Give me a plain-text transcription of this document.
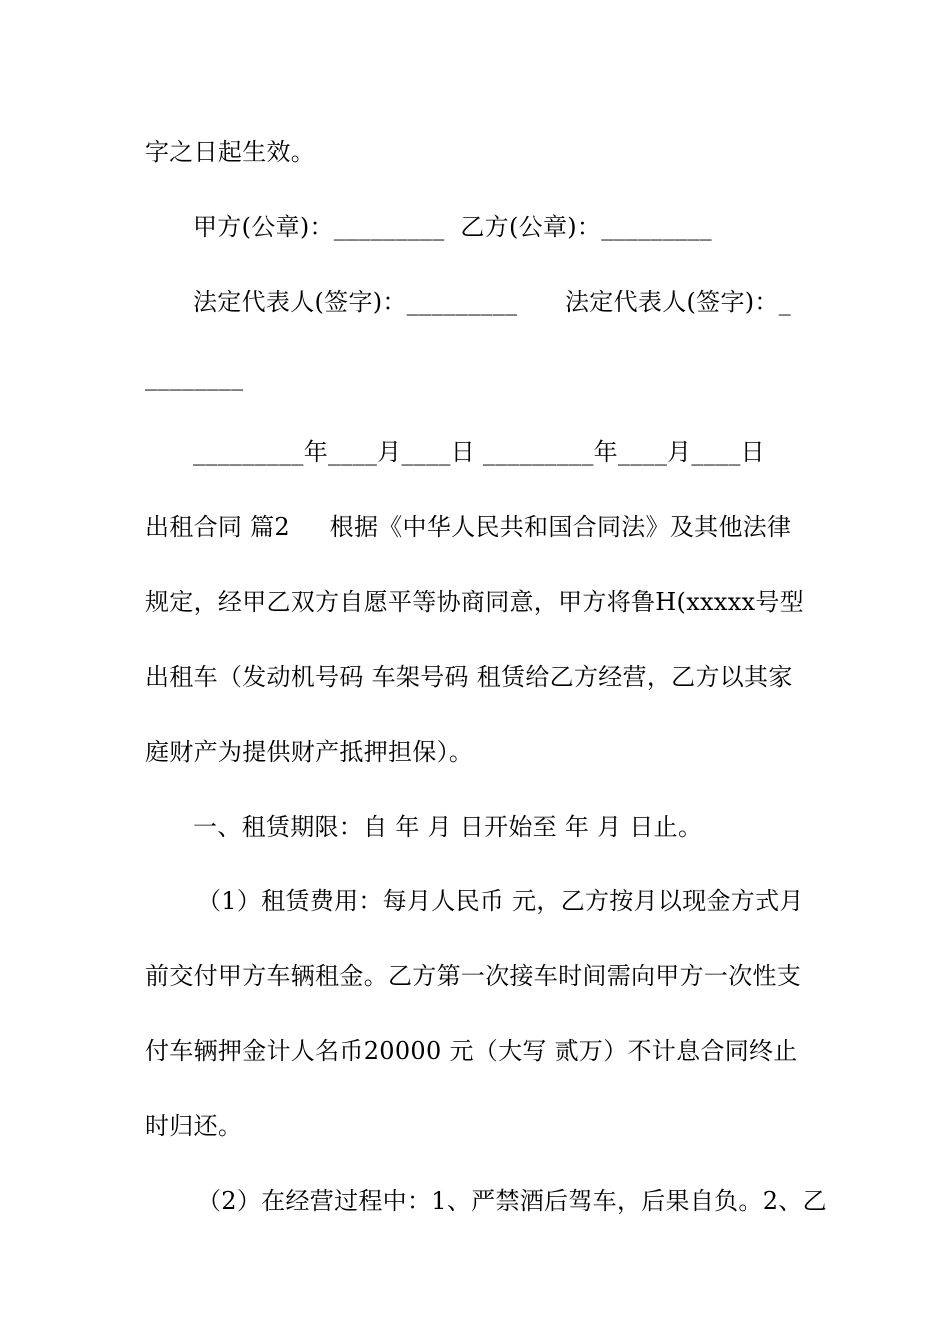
字之日起生效。
甲方(公章)：_________  乙方(公章)：_________
法定代表人(签字)：_________      法定代表人(签字)：_
________
_________年____月____日 _________年____月____日
出租合同 篇2     根据《中华人民共和国合同法》及其他法律
规定，经甲乙双方自愿平等协商同意，甲方将鲁H(xxxxx号型
出租车（发动机号码 车架号码 租赁给乙方经营，乙方以其家
庭财产为提供财产抵押担保）。
一、租赁期限：自 年 月 日开始至 年 月 日止。
（1）租赁费用：每月人民币 元，乙方按月以现金方式月
前交付甲方车辆租金。乙方第一次接车时间需向甲方一次性支
付车辆押金计人名币20000 元（大写 贰万）不计息合同终止
时归还。
（2）在经营过程中：1、严禁酒后驾车，后果自负。2、乙
